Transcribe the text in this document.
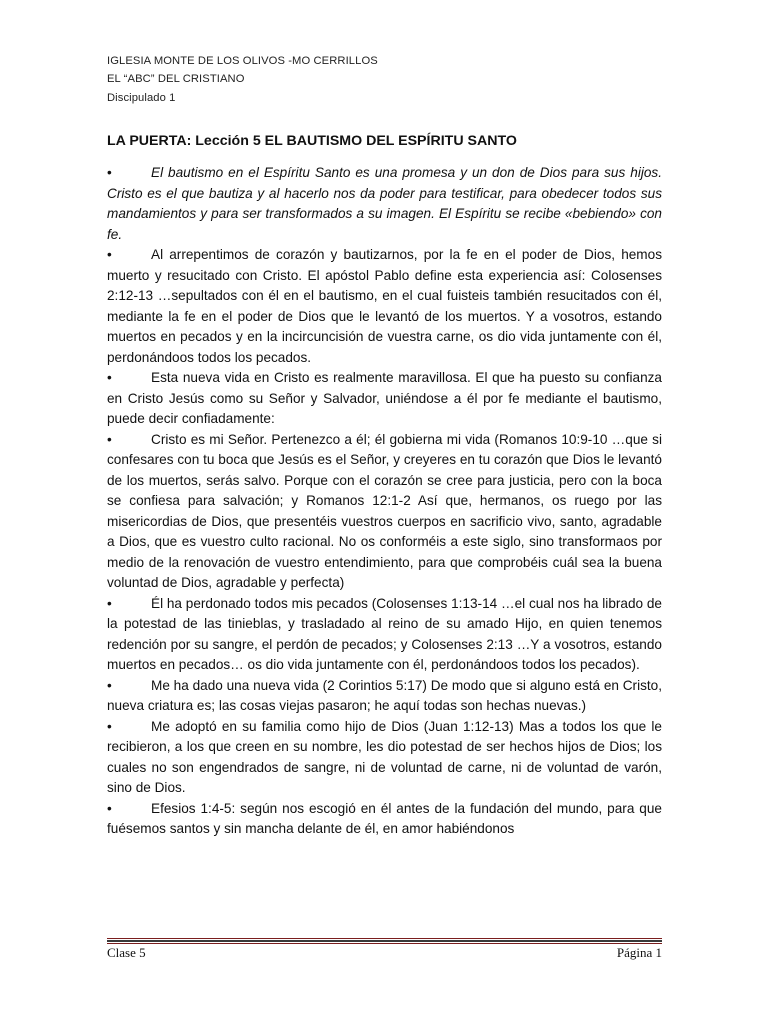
IGLESIA MONTE DE LOS OLIVOS -MO CERRILLOS
EL “ABC” DEL CRISTIANO
Discipulado 1
LA PUERTA: Lección 5 EL BAUTISMO DEL ESPÍRITU SANTO

•	El bautismo en el Espíritu Santo es una promesa y un don de Dios para sus hijos. Cristo es el que bautiza y al hacerlo nos da poder para testificar, para obedecer todos sus mandamientos y para ser transformados a su imagen. El Espíritu se recibe «bebiendo» con fe.

•	Al arrepentimos de corazón y bautizarnos, por la fe en el poder de Dios, hemos muerto y resucitado con Cristo. El apóstol Pablo define esta experiencia así: Colosenses 2:12-13 …sepultados con él en el bautismo, en el cual fuisteis también resucitados con él, mediante la fe en el poder de Dios que le levantó de los muertos. Y a vosotros, estando muertos en pecados y en la incircuncisión de vuestra carne, os dio vida juntamente con él, perdonándoos todos los pecados.

•	Esta nueva vida en Cristo es realmente maravillosa. El que ha puesto su confianza en Cristo Jesús como su Señor y Salvador, uniéndose a él por fe mediante el bautismo, puede decir confiadamente:

•	Cristo es mi Señor. Pertenezco a él; él gobierna mi vida (Romanos 10:9-10 …que si confesares con tu boca que Jesús es el Señor, y creyeres en tu corazón que Dios le levantó de los muertos, serás salvo. Porque con el corazón se cree para justicia, pero con la boca se confiesa para salvación; y Romanos 12:1-2 Así que, hermanos, os ruego por las misericordias de Dios, que presentéis vuestros cuerpos en sacrificio vivo, santo, agradable a Dios, que es vuestro culto racional. No os conforméis a este siglo, sino transformaos por medio de la renovación de vuestro entendimiento, para que comprobéis cuál sea la buena voluntad de Dios, agradable y perfecta)

•	Él ha perdonado todos mis pecados (Colosenses 1:13-14 …el cual nos ha librado de la potestad de las tinieblas, y trasladado al reino de su amado Hijo, en quien tenemos redención por su sangre, el perdón de pecados; y Colosenses 2:13 …Y a vosotros, estando muertos en pecados… os dio vida juntamente con él, perdonándoos todos los pecados).

•	Me ha dado una nueva vida (2 Corintios 5:17) De modo que si alguno está en Cristo, nueva criatura es; las cosas viejas pasaron; he aquí todas son hechas nuevas.)

•	Me adoptó en su familia como hijo de Dios (Juan 1:12-13) Mas a todos los que le recibieron, a los que creen en su nombre, les dio potestad de ser hechos hijos de Dios; los cuales no son engendrados de sangre, ni de voluntad de carne, ni de voluntad de varón, sino de Dios.

•	Efesios 1:4-5: según nos escogió en él antes de la fundación del mundo, para que fuésemos santos y sin mancha delante de él, en amor habiéndonos

Clase 5	Página 1
